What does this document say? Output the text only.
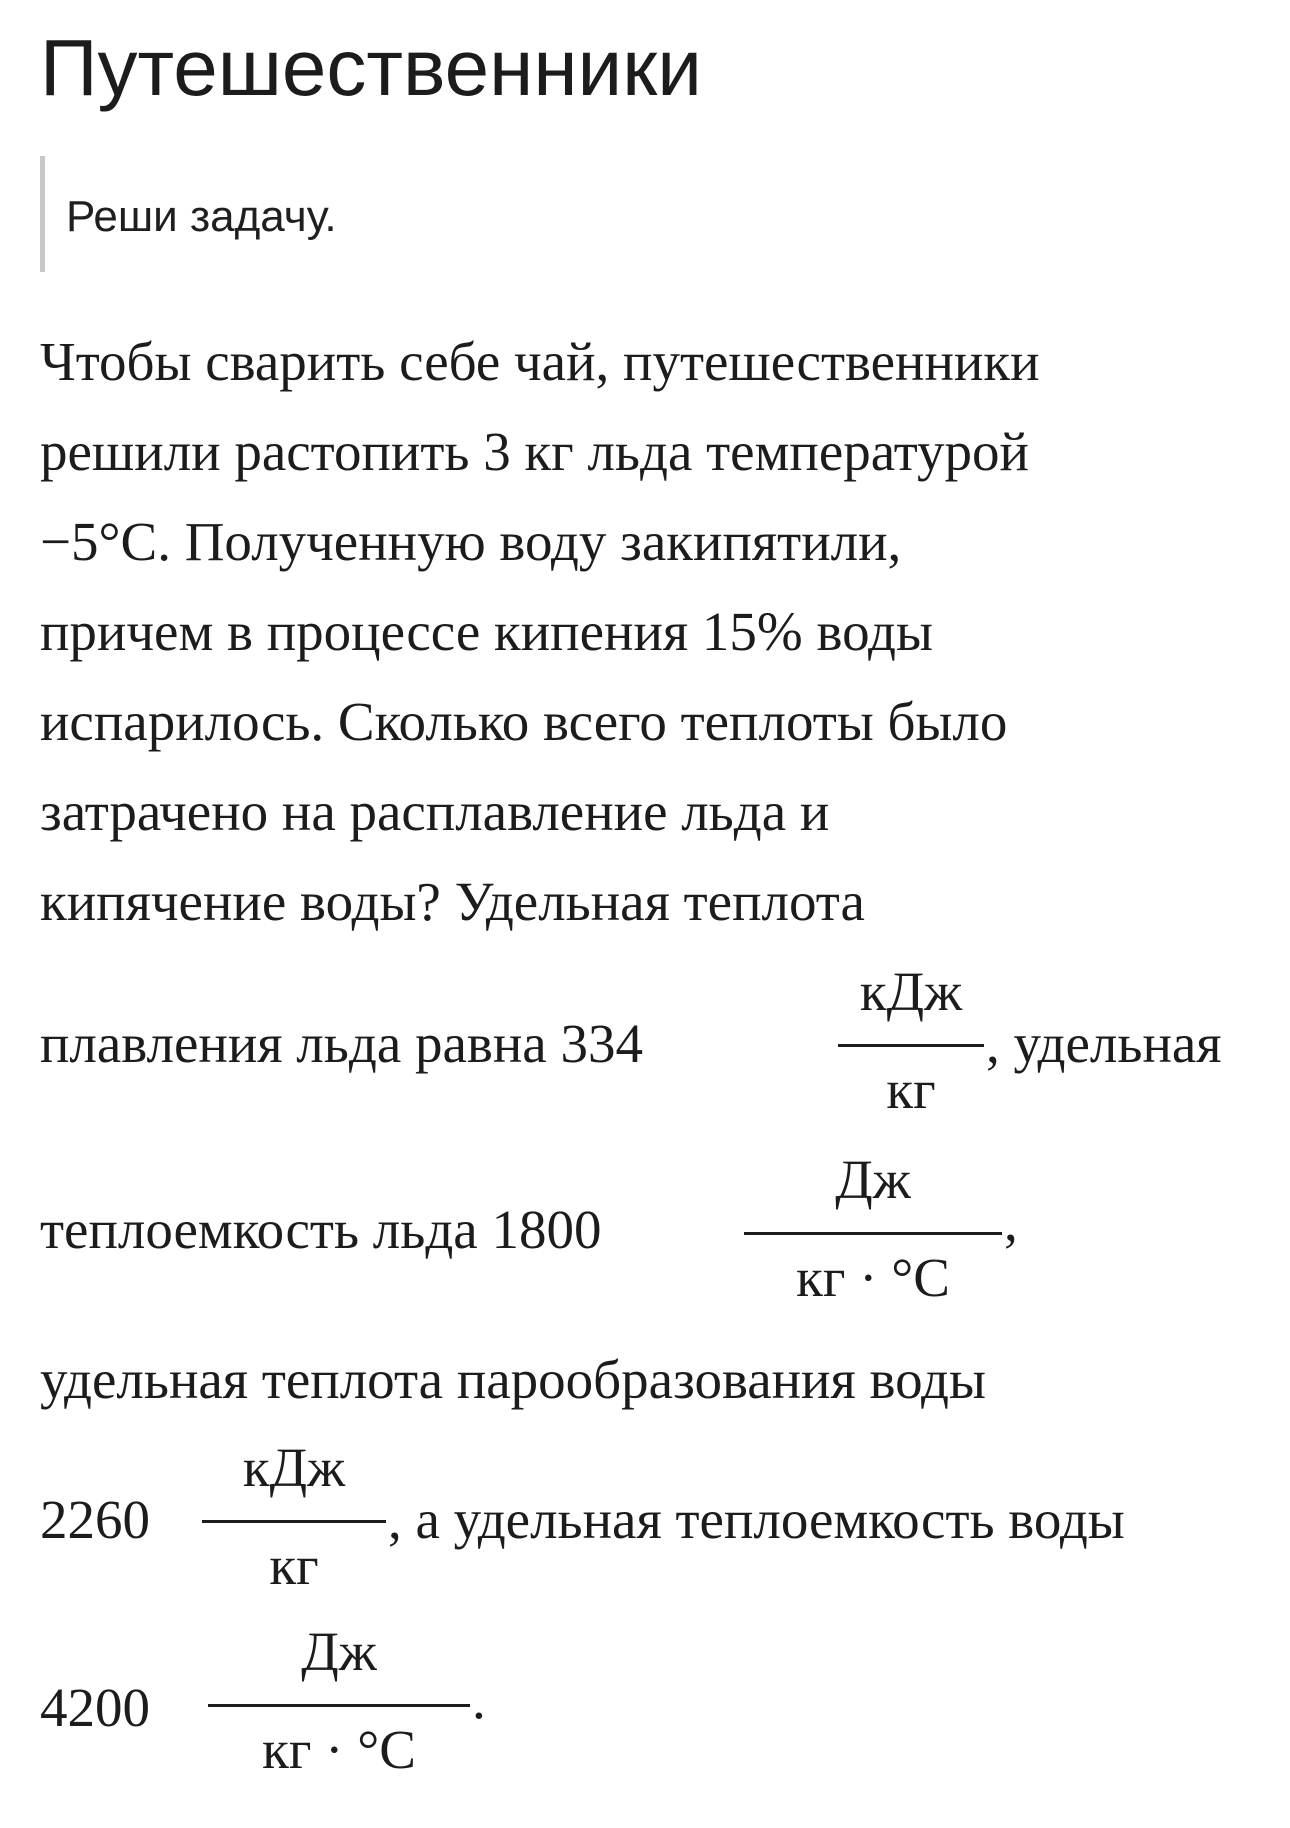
Путешественники
Реши задачу.
Чтобы сварить себе чай, путешественники
решили растопить 3 кг льда температурой
−5°C. Полученную воду закипятили,
причем в процессе кипения 15% воды
испарилось. Сколько всего теплоты было
затрачено на расплавление льда и
кипячение воды? Удельная теплота
плавления льда равна 334
кДж
кг
, удельная
теплоемкость льда 1800
Дж
кг · °C
,
удельная теплота парообразования воды
2260
кДж
кг
, а удельная теплоемкость воды
4200
Дж
кг · °C
.
